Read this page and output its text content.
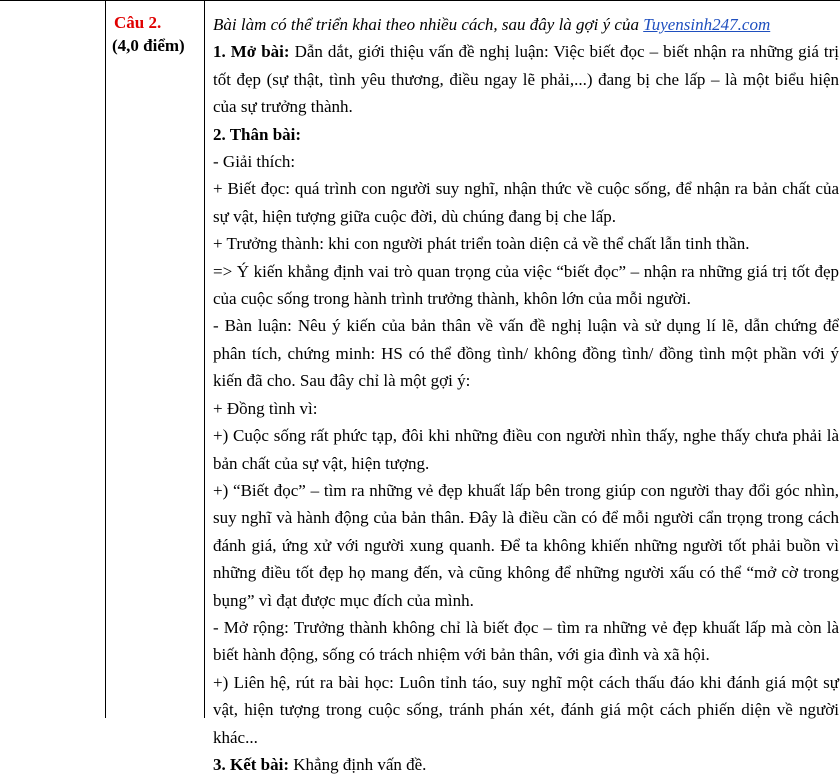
Câu 2.
(4,0 điểm)

Bài làm có thể triển khai theo nhiều cách, sau đây là gợi ý của Tuyensinh247.com

1. Mở bài: Dẫn dắt, giới thiệu vấn đề nghị luận: Việc biết đọc – biết nhận ra những giá trị tốt đẹp (sự thật, tình yêu thương, điều ngay lẽ phải,...) đang bị che lấp – là một biểu hiện của sự trưởng thành.

2. Thân bài:

- Giải thích:

+ Biết đọc: quá trình con người suy nghĩ, nhận thức về cuộc sống, để nhận ra bản chất của sự vật, hiện tượng giữa cuộc đời, dù chúng đang bị che lấp.

+ Trưởng thành: khi con người phát triển toàn diện cả về thể chất lẫn tinh thần.

=> Ý kiến khẳng định vai trò quan trọng của việc “biết đọc” – nhận ra những giá trị tốt đẹp của cuộc sống trong hành trình trưởng thành, khôn lớn của mỗi người.

- Bàn luận: Nêu ý kiến của bản thân về vấn đề nghị luận và sử dụng lí lẽ, dẫn chứng để phân tích, chứng minh: HS có thể đồng tình/ không đồng tình/ đồng tình một phần với ý kiến đã cho. Sau đây chỉ là một gợi ý:

+ Đồng tình vì:

+) Cuộc sống rất phức tạp, đôi khi những điều con người nhìn thấy, nghe thấy chưa phải là bản chất của sự vật, hiện tượng.

+) “Biết đọc” – tìm ra những vẻ đẹp khuất lấp bên trong giúp con người thay đổi góc nhìn, suy nghĩ và hành động của bản thân. Đây là điều cần có để mỗi người cẩn trọng trong cách đánh giá, ứng xử với người xung quanh. Để ta không khiến những người tốt phải buồn vì những điều tốt đẹp họ mang đến, và cũng không để những người xấu có thể “mở cờ trong bụng” vì đạt được mục đích của mình.

- Mở rộng: Trưởng thành không chỉ là biết đọc – tìm ra những vẻ đẹp khuất lấp mà còn là biết hành động, sống có trách nhiệm với bản thân, với gia đình và xã hội.

+) Liên hệ, rút ra bài học: Luôn tỉnh táo, suy nghĩ một cách thấu đáo khi đánh giá một sự vật, hiện tượng trong cuộc sống, tránh phán xét, đánh giá một cách phiến diện về người khác...

3. Kết bài: Khẳng định vấn đề.
